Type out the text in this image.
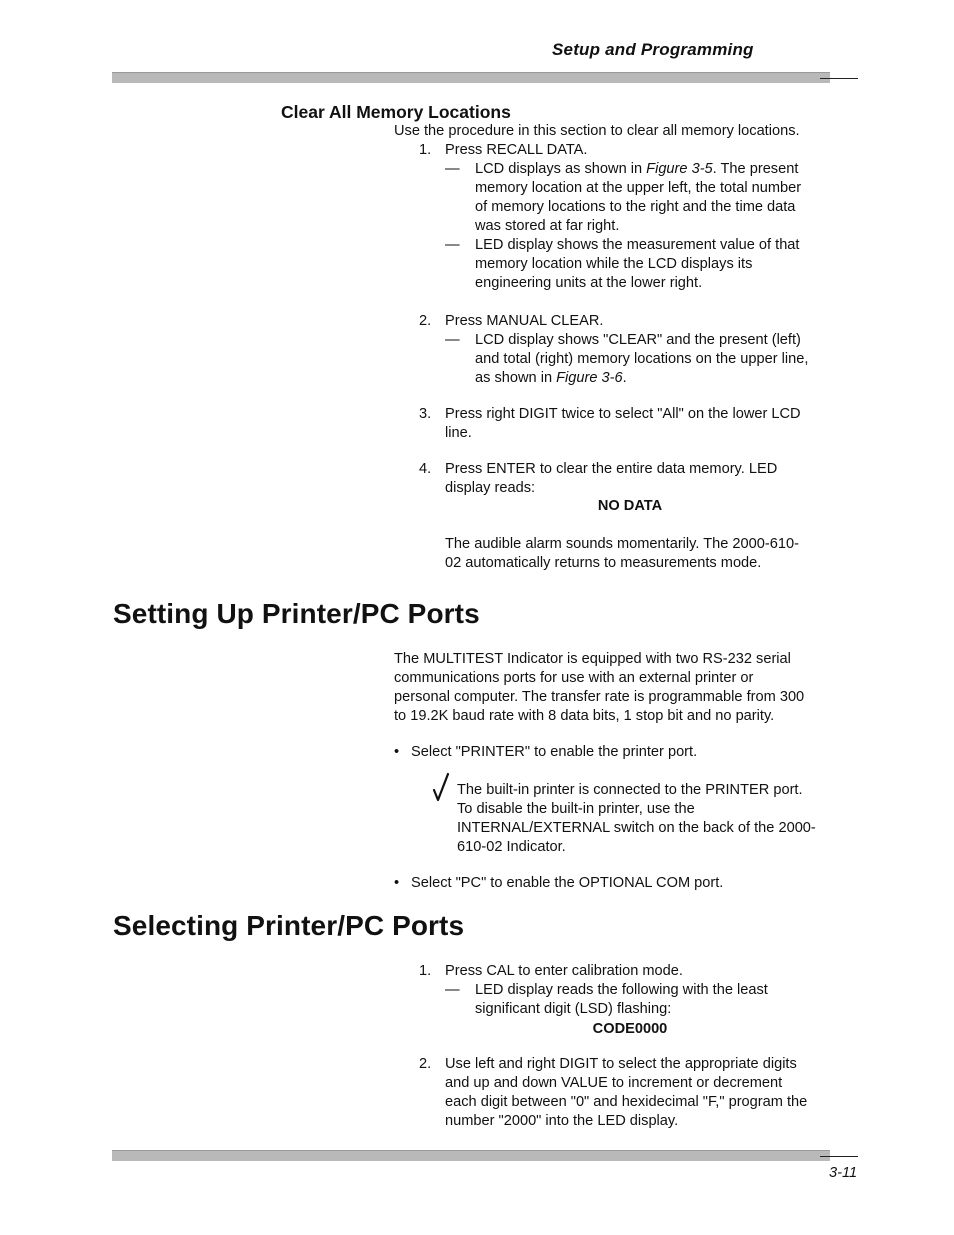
Setup and Programming
Clear All Memory Locations
Use the procedure in this section to clear all memory locations.
1. Press RECALL DATA.
—	LCD displays as shown in Figure 3-5. The present
memory location at the upper left, the total number
of memory locations to the right and the time data
was stored at far right.
—	LED display shows the measurement value of that
memory location while the LCD displays its
engineering units at the lower right.
2. Press MANUAL CLEAR.
—	LCD display shows "CLEAR" and the present (left)
and total (right) memory locations on the upper line,
as shown in Figure 3-6.
3. Press right DIGIT twice to select "All" on the lower LCD
line.
4. Press ENTER to clear the entire data memory. LED
display reads:
NO DATA
The audible alarm sounds momentarily. The 2000-610-
02 automatically returns to measurements mode.
Setting Up Printer/PC Ports
The MULTITEST Indicator is equipped with two RS-232 serial
communications ports for use with an external printer or
personal computer. The transfer rate is programmable from 300
to 19.2K baud rate with 8 data bits, 1 stop bit and no parity.
• Select "PRINTER" to enable the printer port.
The built-in printer is connected to the PRINTER port.
To disable the built-in printer, use the
INTERNAL/EXTERNAL switch on the back of the 2000-
610-02 Indicator.
• Select "PC" to enable the OPTIONAL COM port.
Selecting Printer/PC Ports
1. Press CAL to enter calibration mode.
—	LED display reads the following with the least
significant digit (LSD) flashing:
CODE0000
2. Use left and right DIGIT to select the appropriate digits
and up and down VALUE to increment or decrement
each digit between "0" and hexidecimal "F," program the
number "2000" into the LED display.
3-11
